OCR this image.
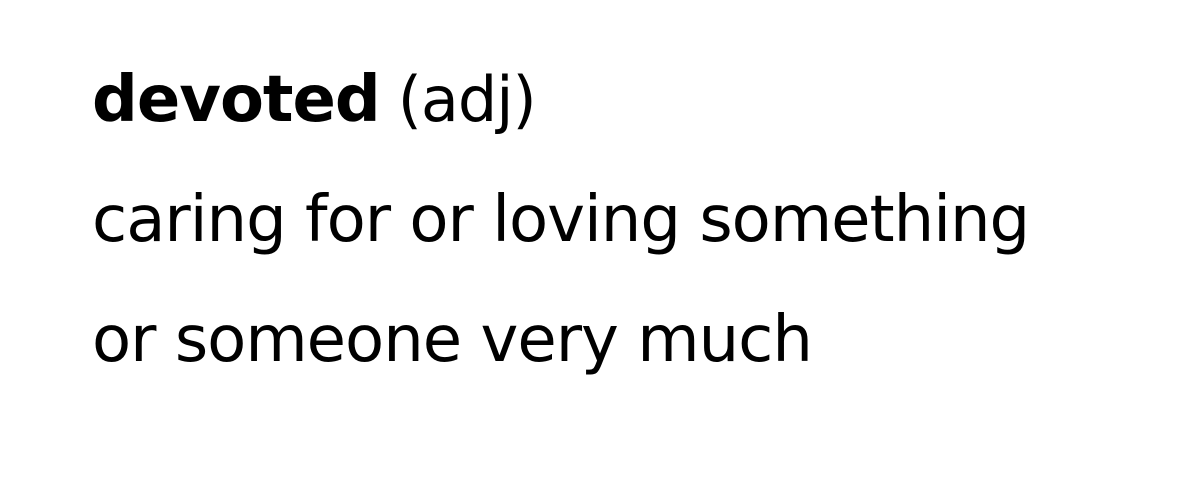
devoted (adj)
caring for or loving something
or someone very much
